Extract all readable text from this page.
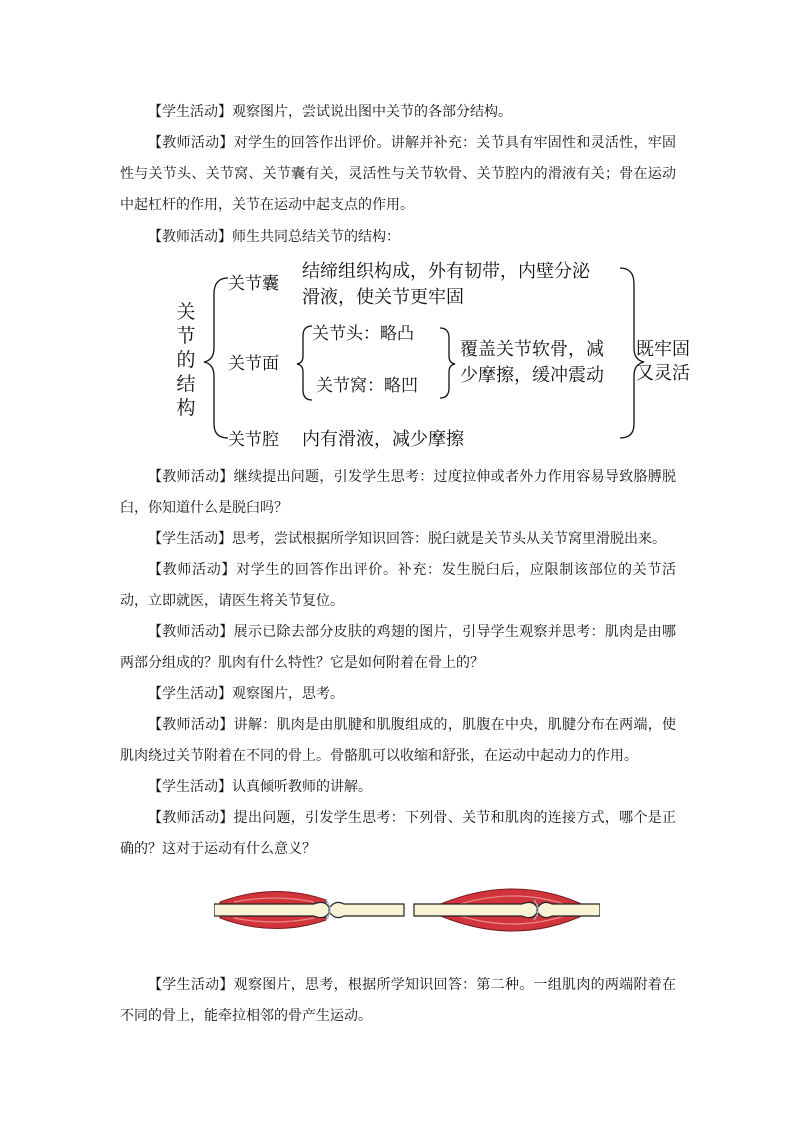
【学生活动】观察图片，尝试说出图中关节的各部分结构。

【教师活动】对学生的回答作出评价。讲解并补充：关节具有牢固性和灵活性，牢固性与关节头、关节窝、关节囊有关，灵活性与关节软骨、关节腔内的滑液有关；骨在运动中起杠杆的作用，关节在运动中起支点的作用。

【教师活动】师生共同总结关节的结构：

关
节
的
结
构
关节囊
结缔组织构成，外有韧带，内壁分泌
滑液，使关节更牢固
关节面
关节头：略凸
关节窝：略凹
覆盖关节软骨，减
少摩擦，缓冲震动
关节腔 内有滑液，减少摩擦
既牢固
又灵活

【教师活动】继续提出问题，引发学生思考：过度拉伸或者外力作用容易导致胳膊脱臼，你知道什么是脱臼吗？

【学生活动】思考，尝试根据所学知识回答：脱臼就是关节头从关节窝里滑脱出来。

【教师活动】对学生的回答作出评价。补充：发生脱臼后，应限制该部位的关节活动，立即就医，请医生将关节复位。

【教师活动】展示已除去部分皮肤的鸡翅的图片，引导学生观察并思考：肌肉是由哪两部分组成的？肌肉有什么特性？它是如何附着在骨上的？

【学生活动】观察图片，思考。

【教师活动】讲解：肌肉是由肌腱和肌腹组成的，肌腹在中央，肌腱分布在两端，使肌肉绕过关节附着在不同的骨上。骨骼肌可以收缩和舒张，在运动中起动力的作用。

【学生活动】认真倾听教师的讲解。

【教师活动】提出问题，引发学生思考：下列骨、关节和肌肉的连接方式，哪个是正确的？这对于运动有什么意义？

【学生活动】观察图片，思考，根据所学知识回答：第二种。一组肌肉的两端附着在不同的骨上，能牵拉相邻的骨产生运动。
